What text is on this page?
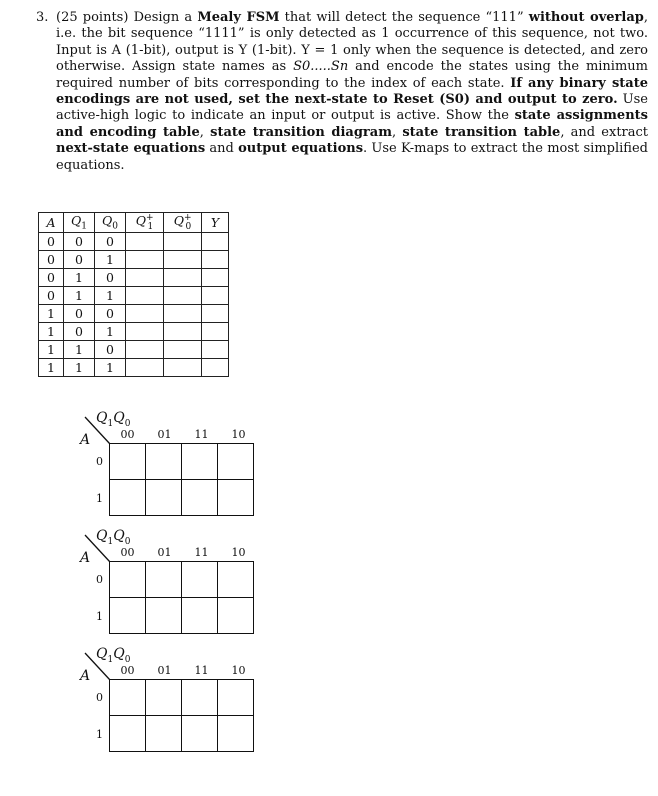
3. (25 points) Design a Mealy FSM that will detect the sequence “111” without overlap, i.e. the bit sequence “1111” is only detected as 1 occurrence of this sequence, not two. Input is A (1-bit), output is Y (1-bit). Y = 1 only when the sequence is detected, and zero otherwise. Assign state names as S0.....Sn and encode the states using the minimum required number of bits corresponding to the index of each state. If any binary state encodings are not used, set the next-state to Reset (S0) and output to zero. Use active-high logic to indicate an input or output is active. Show the state assignments and encoding table, state transition diagram, state transition table, and extract next-state equations and output equations. Use K-maps to extract the most simplified equations.
A	$Q_1$	$Q_0$	$Q^+_1$	$Q^+_0$	Y
0	0	0			
0	0	1			
0	1	0			
0	1	1			
1	0	0			
1	0	1			
1	1	0			
1	1	1			
$Q_1Q_0$
A	00	01	11	10
0
1

$Q_1Q_0$
A	00	01	11	10
0
1

$Q_1Q_0$
A	00	01	11	10
0
1
